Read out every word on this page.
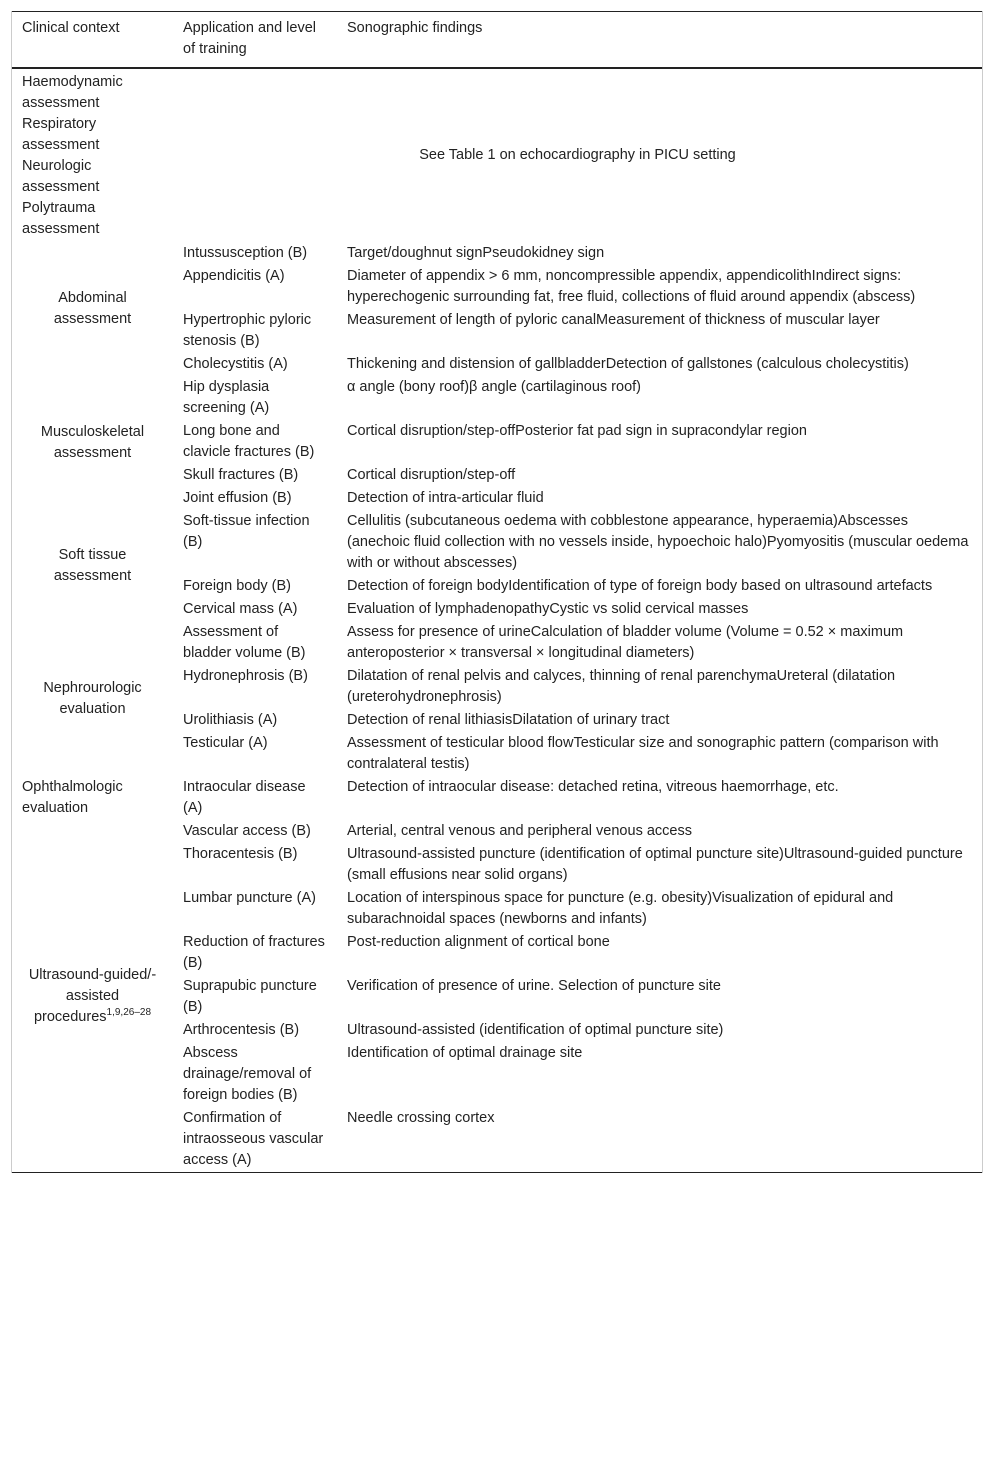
Clinical context	Application and level of training	Sonographic findings

Haemodynamic assessment
Respiratory assessment
Neurologic assessment
Polytrauma assessment	See Table 1 on echocardiography in PICU setting	
Abdominal assessment	Intussusception (B)	Target/doughnut signPseudokidney sign
	Appendicitis (A)	Diameter of appendix > 6 mm, noncompressible appendix, appendicolithIndirect signs: hyperechogenic surrounding fat, free fluid, collections of fluid around appendix (abscess)
	Hypertrophic pyloric stenosis (B)	Measurement of length of pyloric canalMeasurement of thickness of muscular layer
	Cholecystitis (A)	Thickening and distension of gallbladderDetection of gallstones (calculous cholecystitis)
Musculoskeletal assessment	Hip dysplasia screening (A)	α angle (bony roof)β angle (cartilaginous roof)
	Long bone and clavicle fractures (B)	Cortical disruption/step-offPosterior fat pad sign in supracondylar region
	Skull fractures (B)	Cortical disruption/step-off
	Joint effusion (B)	Detection of intra-articular fluid
Soft tissue assessment	Soft-tissue infection (B)	Cellulitis (subcutaneous oedema with cobblestone appearance, hyperaemia)Abscesses (anechoic fluid collection with no vessels inside, hypoechoic halo)Pyomyositis (muscular oedema with or without abscesses)
	Foreign body (B)	Detection of foreign bodyIdentification of type of foreign body based on ultrasound artefacts
	Cervical mass (A)	Evaluation of lymphadenopathyCystic vs solid cervical masses
Nephrourologic evaluation	Assessment of bladder volume (B)	Assess for presence of urineCalculation of bladder volume (Volume = 0.52 × maximum anteroposterior × transversal × longitudinal diameters)
	Hydronephrosis (B)	Dilatation of renal pelvis and calyces, thinning of renal parenchymaUreteral (dilatation (ureterohydronephrosis)
	Urolithiasis (A)	Detection of renal lithiasisDilatation of urinary tract
	Testicular (A)	Assessment of testicular blood flowTesticular size and sonographic pattern (comparison with contralateral testis)
Ophthalmologic evaluation	Intraocular disease (A)	Detection of intraocular disease: detached retina, vitreous haemorrhage, etc.
Ultrasound-guided/-assisted procedures$^{1,9,26-28}$	Vascular access (B)	Arterial, central venous and peripheral venous access
	Thoracentesis (B)	Ultrasound-assisted puncture (identification of optimal puncture site)Ultrasound-guided puncture (small effusions near solid organs)
	Lumbar puncture (A)	Location of interspinous space for puncture (e.g. obesity)Visualization of epidural and subarachnoidal spaces (newborns and infants)
	Reduction of fractures (B)	Post-reduction alignment of cortical bone
	Suprapubic puncture (B)	Verification of presence of urine. Selection of puncture site
	Arthrocentesis (B)	Ultrasound-assisted (identification of optimal puncture site)
	Abscess drainage/removal of foreign bodies (B)	Identification of optimal drainage site
	Confirmation of intraosseous vascular access (A)	Needle crossing cortex
